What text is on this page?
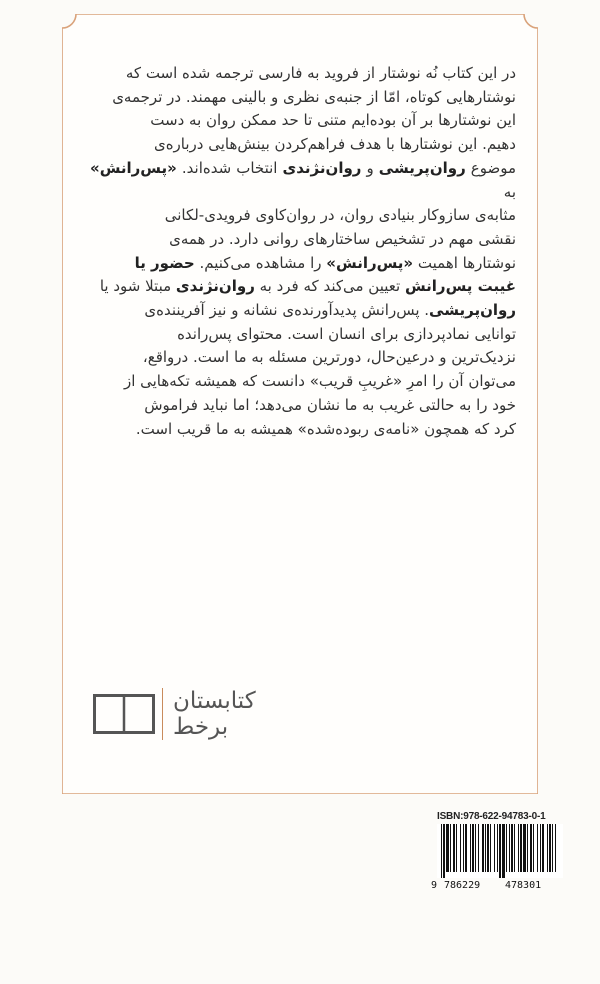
در این کتاب نُه نوشتار از فروید به فارسی ترجمه شده است که

نوشتارهایی کوتاه، امّا از جنبه‌ی نظری و بالینی مهمند. در ترجمه‌ی

این نوشتارها بر آن بوده‌ایم متنی تا حد ممکن روان به دست

دهیم. این نوشتارها با هدف فراهم‌کردن بینش‌هایی درباره‌ی

موضوع روان‌پریشی و روان‌نژندی انتخاب شده‌اند. «پس‌رانش» به

مثابه‌ی سازوکار بنیادی روان، در روان‌کاوی فرویدی-لکانی

نقشی مهم در تشخیص ساختارهای روانی دارد. در همه‌ی

نوشتارها اهمیت «پس‌رانش» را مشاهده می‌کنیم. حضور یا

غیبت پس‌رانش تعیین می‌کند که فرد به روان‌نژندی مبتلا شود یا

روان‌پریشی. پس‌رانش پدیدآورنده‌ی نشانه و نیز آفریننده‌ی

توانایی نمادپردازی برای انسان است. محتوای پس‌رانده

نزدیک‌ترین و درعین‌حال، دورترین مسئله به ما است. درواقع،

می‌توان آن را امرِ «غریبِ قریب» دانست که همیشه تکه‌هایی از

خود را به حالتی غریب به ما نشان می‌دهد؛ اما نباید فراموش

کرد که همچون «نامه‌ی ربوده‌شده» همیشه به ما قریب است.

کتابستان
برخط
ISBN:978-622-94783-0-1
9 786229 478301
